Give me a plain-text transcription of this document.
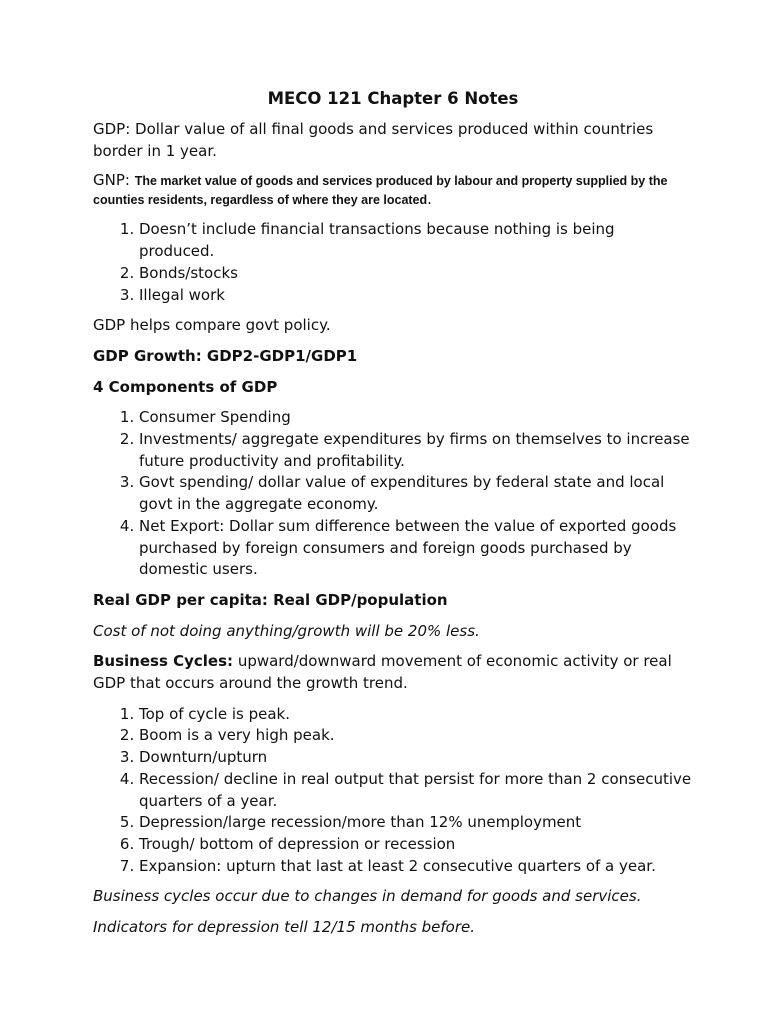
MECO 121 Chapter 6 Notes

GDP: Dollar value of all final goods and services produced within countries border in 1 year.

GNP: The market value of goods and services produced by labour and property supplied by the counties residents, regardless of where they are located.

1. Doesn’t include financial transactions because nothing is being produced.
2. Bonds/stocks
3. Illegal work

GDP helps compare govt policy.

GDP Growth: GDP2-GDP1/GDP1

4 Components of GDP

1. Consumer Spending
2. Investments/ aggregate expenditures by firms on themselves to increase future productivity and profitability.
3. Govt spending/ dollar value of expenditures by federal state and local govt in the aggregate economy.
4. Net Export: Dollar sum difference between the value of exported goods purchased by foreign consumers and foreign goods purchased by domestic users.

Real GDP per capita: Real GDP/population

Cost of not doing anything/growth will be 20% less.

Business Cycles: upward/downward movement of economic activity or real GDP that occurs around the growth trend.

1. Top of cycle is peak.
2. Boom is a very high peak.
3. Downturn/upturn
4. Recession/ decline in real output that persist for more than 2 consecutive quarters of a year.
5. Depression/large recession/more than 12% unemployment
6. Trough/ bottom of depression or recession
7. Expansion: upturn that last at least 2 consecutive quarters of a year.

Business cycles occur due to changes in demand for goods and services.

Indicators for depression tell 12/15 months before.
